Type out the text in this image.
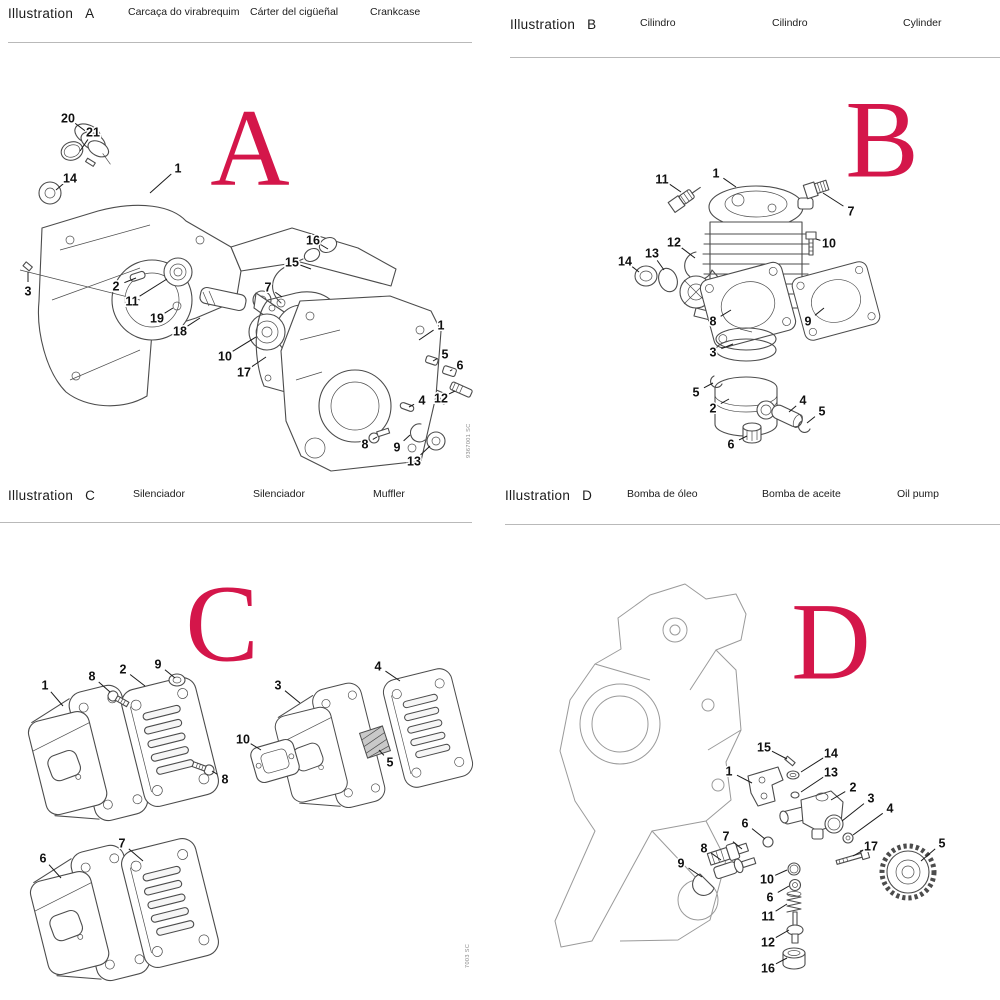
Illustration A	Carcaça do virabrequim Cárter del cigüeñal	Crankcase
A
9367001 SC
20
21
1
14
3	2
11
19
18
10
17
16
15
7
1
5
6
12
4
8 9
13
Illustration B	Cilindro	Cilindro	Cylinder
B
11	1
7
10
12
13
14
8	9
3
5
2
4
5
6
Illustration C	Silenciador	Silenciador	Muffler
C
7003 SC
1
8 2 9
8
3
4
10
5
6
7
Illustration D	Bomba de óleo	Bomba de aceite	Oil pump
D
15	14
13
1
2
3
4
6
7
17	5
8
9
10
6
11
12
16
